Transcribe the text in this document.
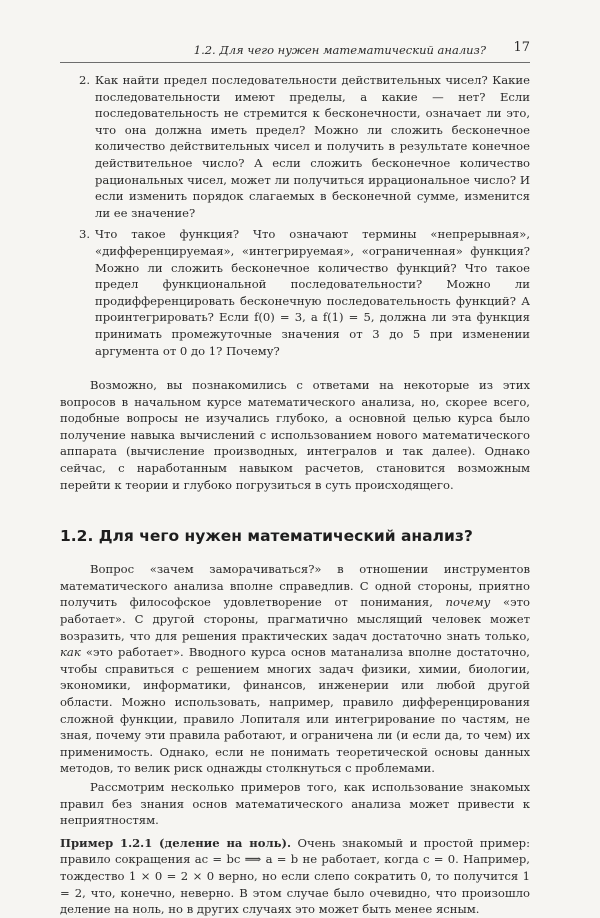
1.2. Для чего нужен математический анализ? 17
2. Как найти предел последовательности действительных чисел? Какие последовательности имеют пределы, а какие — нет? Если последовательность не стремится к бесконечности, означает ли это, что она должна иметь предел? Можно ли сложить бесконечное количество действительных чисел и получить в результате конечное действительное число? А если сложить бесконечное количество рациональных чисел, может ли получиться иррациональное число? И если изменить порядок слагаемых в бесконечной сумме, изменится ли ее значение?
3. Что такое функция? Что означают термины «непрерывная», «дифференцируемая», «интегрируемая», «ограниченная» функция? Можно ли сложить бесконечное количество функций? Что такое предел функциональной последовательности? Можно ли продифференцировать бесконечную последовательность функций? А проинтегрировать? Если f(0) = 3, а f(1) = 5, должна ли эта функция принимать промежуточные значения от 3 до 5 при изменении аргумента от 0 до 1? Почему?

Возможно, вы познакомились с ответами на некоторые из этих вопросов в начальном курсе математического анализа, но, скорее всего, подобные вопросы не изучались глубоко, а основной целью курса было получение навыка вычислений с использованием нового математического аппарата (вычисление производных, интегралов и так далее). Однако сейчас, с наработанным навыком расчетов, становится возможным перейти к теории и глубоко погрузиться в суть происходящего.

1.2. Для чего нужен математический анализ?

Вопрос «зачем заморачиваться?» в отношении инструментов математического анализа вполне справедлив. С одной стороны, приятно получить философское удовлетворение от понимания, почему «это работает». С другой стороны, прагматично мыслящий человек может возразить, что для решения практических задач достаточно знать только, как «это работает». Вводного курса основ матанализа вполне достаточно, чтобы справиться с решением многих задач физики, химии, биологии, экономики, информатики, финансов, инженерии или любой другой области. Можно использовать, например, правило дифференцирования сложной функции, правило Лопиталя или интегрирование по частям, не зная, почему эти правила работают, и ограничена ли (и если да, то чем) их применимость. Однако, если не понимать теоретической основы данных методов, то велик риск однажды столкнуться с проблемами.

Рассмотрим несколько примеров того, как использование знакомых правил без знания основ математического анализа может привести к неприятностям.

Пример 1.2.1 (деление на ноль). Очень знакомый и простой пример: правило сокращения ac = bc ⟹ a = b не работает, когда c = 0. Например, тождество 1 × 0 = 2 × 0 верно, но если слепо сократить 0, то получится 1 = 2, что, конечно, неверно. В этом случае было очевидно, что произошло деление на ноль, но в других случаях это может быть менее ясным.
